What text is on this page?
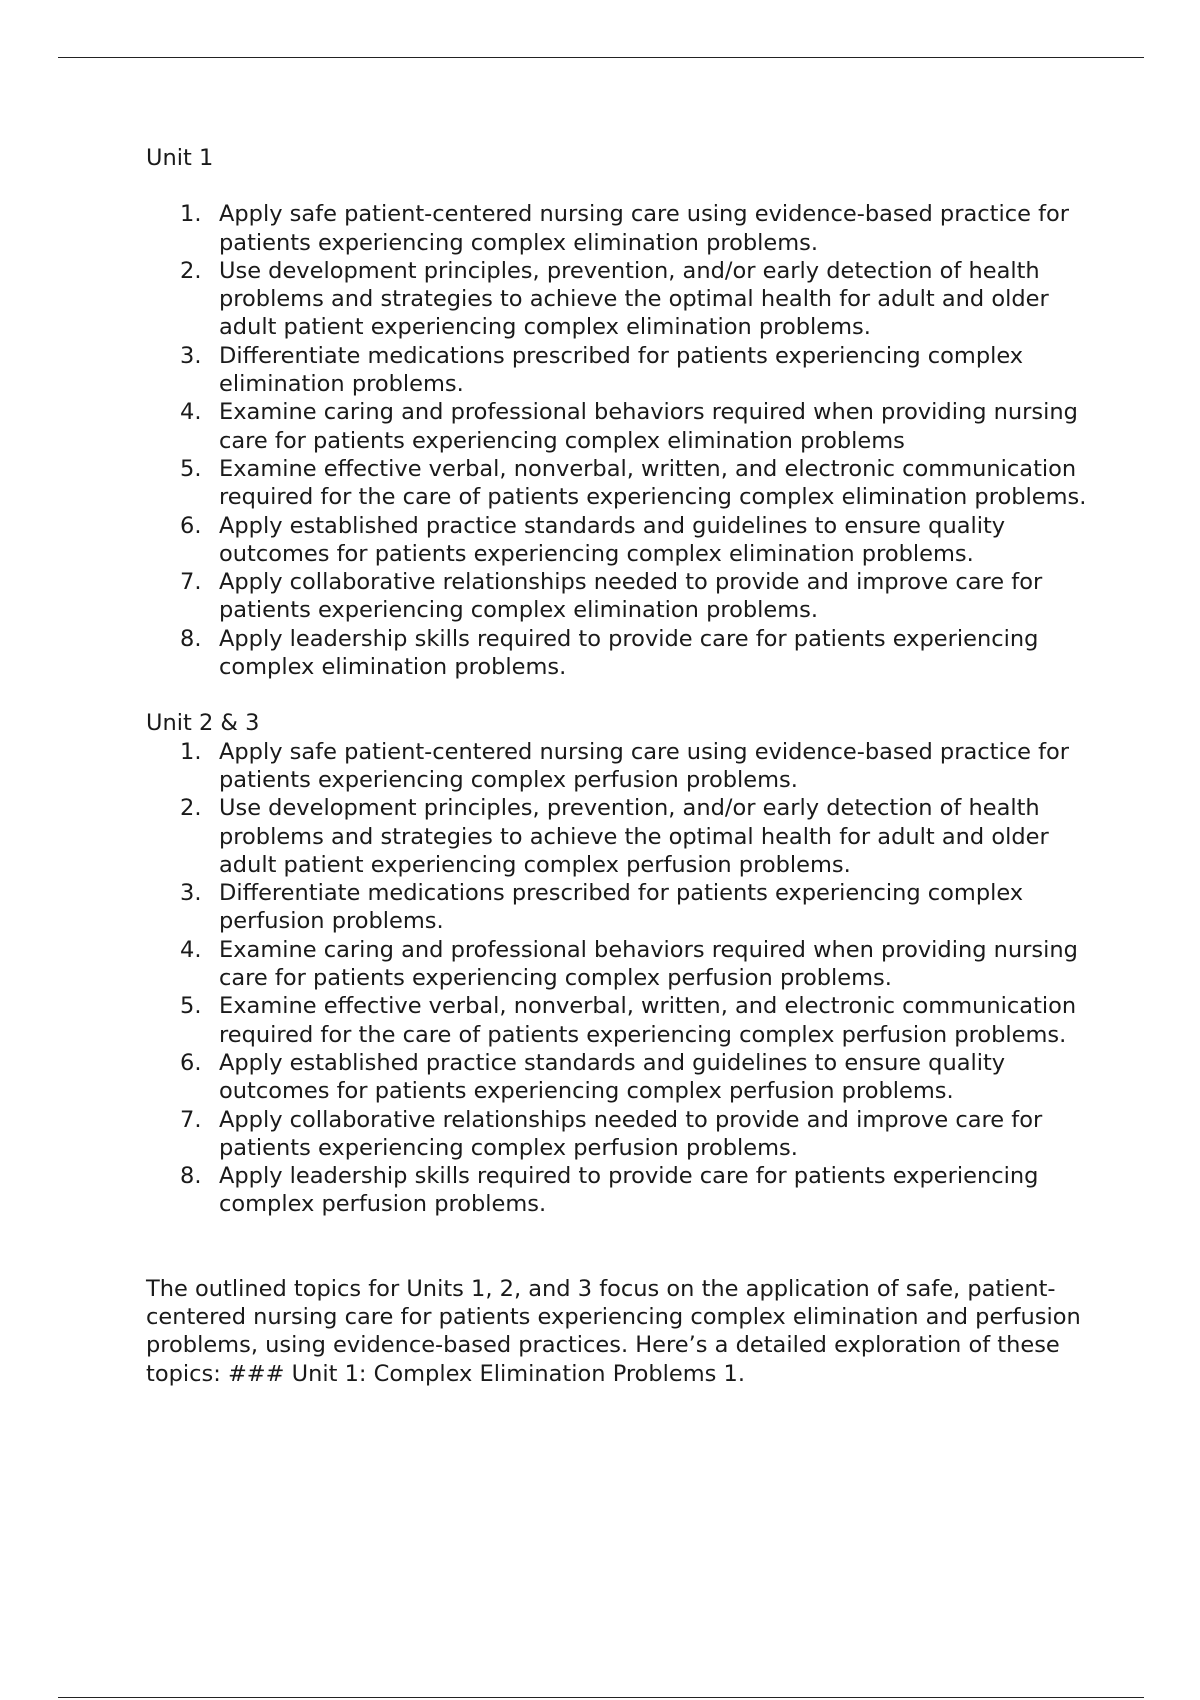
Unit 1
1. Apply safe patient-centered nursing care using evidence-based practice for patients experiencing complex elimination problems.
2. Use development principles, prevention, and/or early detection of health problems and strategies to achieve the optimal health for adult and older adult patient experiencing complex elimination problems.
3. Differentiate medications prescribed for patients experiencing complex elimination problems.
4. Examine caring and professional behaviors required when providing nursing care for patients experiencing complex elimination problems
5. Examine effective verbal, nonverbal, written, and electronic communication required for the care of patients experiencing complex elimination problems.
6. Apply established practice standards and guidelines to ensure quality outcomes for patients experiencing complex elimination problems.
7. Apply collaborative relationships needed to provide and improve care for patients experiencing complex elimination problems.
8. Apply leadership skills required to provide care for patients experiencing complex elimination problems.
Unit 2 & 3
1. Apply safe patient-centered nursing care using evidence-based practice for patients experiencing complex perfusion problems.
2. Use development principles, prevention, and/or early detection of health problems and strategies to achieve the optimal health for adult and older adult patient experiencing complex perfusion problems.
3. Differentiate medications prescribed for patients experiencing complex perfusion problems.
4. Examine caring and professional behaviors required when providing nursing care for patients experiencing complex perfusion problems.
5. Examine effective verbal, nonverbal, written, and electronic communication required for the care of patients experiencing complex perfusion problems.
6. Apply established practice standards and guidelines to ensure quality outcomes for patients experiencing complex perfusion problems.
7. Apply collaborative relationships needed to provide and improve care for patients experiencing complex perfusion problems.
8. Apply leadership skills required to provide care for patients experiencing complex perfusion problems.

The outlined topics for Units 1, 2, and 3 focus on the application of safe, patient-centered nursing care for patients experiencing complex elimination and perfusion problems, using evidence-based practices. Here’s a detailed exploration of these topics: ### Unit 1: Complex Elimination Problems 1.
